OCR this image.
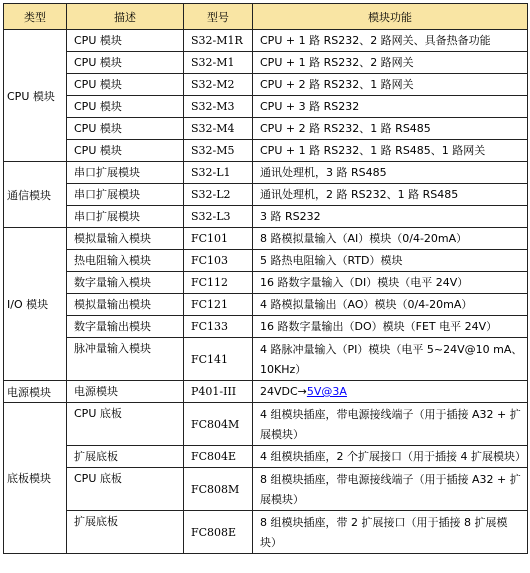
类型	描述	型号	模块功能
CPU 模块	CPU 模块	S32-M1R	CPU + 1 路 RS232、2 路网关、具备热备功能
	CPU 模块	S32-M1	CPU + 1 路 RS232、2 路网关
	CPU 模块	S32-M2	CPU + 2 路 RS232、1 路网关
	CPU 模块	S32-M3	CPU + 3 路 RS232
	CPU 模块	S32-M4	CPU + 2 路 RS232、1 路 RS485
	CPU 模块	S32-M5	CPU + 1 路 RS232、1 路 RS485、1 路网关
通信模块	串口扩展模块	S32-L1	通讯处理机，3 路 RS485
	串口扩展模块	S32-L2	通讯处理机，2 路 RS232、1 路 RS485
	串口扩展模块	S32-L3	3 路 RS232
I/O 模块	模拟量输入模块	FC101	8 路模拟量输入（AI）模块（0/4-20mA）
	热电阻输入模块	FC103	5 路热电阻输入（RTD）模块
	数字量输入模块	FC112	16 路数字量输入（DI）模块（电平 24V）
	模拟量输出模块	FC121	4 路模拟量输出（AO）模块（0/4-20mA）
	数字量输出模块	FC133	16 路数字量输出（DO）模块（FET 电平 24V）
	脉冲量输入模块	FC141	4 路脉冲量输入（PI）模块（电平 5~24V@10 mA、10KHz）
电源模块	电源模块	P401-III	24VDC→5V@3A
底板模块	CPU 底板	FC804M	4 组模块插座，带电源接线端子（用于插接 A32 + 扩展模块）
	扩展底板	FC804E	4 组模块插座，2 个扩展接口（用于插接 4 扩展模块）
	CPU 底板	FC808M	8 组模块插座，带电源接线端子（用于插接 A32 + 扩展模块）
	扩展底板	FC808E	8 组模块插座，带 2 扩展接口（用于插接 8 扩展模块）
